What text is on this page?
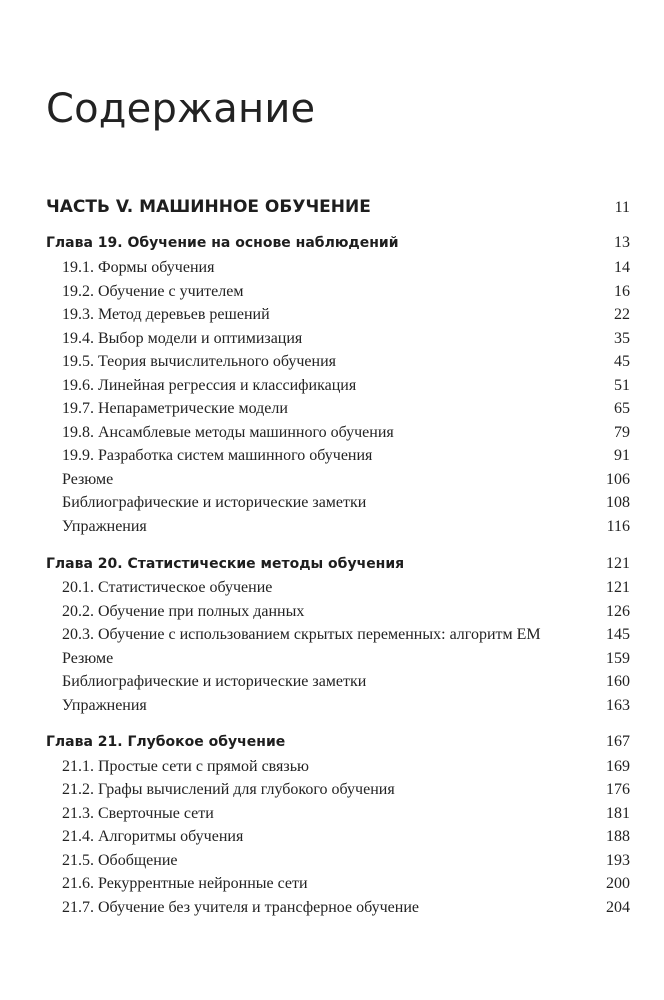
Содержание
ЧАСТЬ V. МАШИННОЕ ОБУЧЕНИЕ	11
Глава 19. Обучение на основе наблюдений	13
19.1. Формы обучения	14
19.2. Обучение с учителем	16
19.3. Метод деревьев решений	22
19.4. Выбор модели и оптимизация	35
19.5. Теория вычислительного обучения	45
19.6. Линейная регрессия и классификация	51
19.7. Непараметрические модели	65
19.8. Ансамблевые методы машинного обучения	79
19.9. Разработка систем машинного обучения	91
Резюме	106
Библиографические и исторические заметки	108
Упражнения	116
Глава 20. Статистические методы обучения	121
20.1. Статистическое обучение	121
20.2. Обучение при полных данных	126
20.3. Обучение с использованием скрытых переменных: алгоритм ЕМ	145
Резюме	159
Библиографические и исторические заметки	160
Упражнения	163
Глава 21. Глубокое обучение	167
21.1. Простые сети с прямой связью	169
21.2. Графы вычислений для глубокого обучения	176
21.3. Сверточные сети	181
21.4. Алгоритмы обучения	188
21.5. Обобщение	193
21.6. Рекуррентные нейронные сети	200
21.7. Обучение без учителя и трансферное обучение	204
